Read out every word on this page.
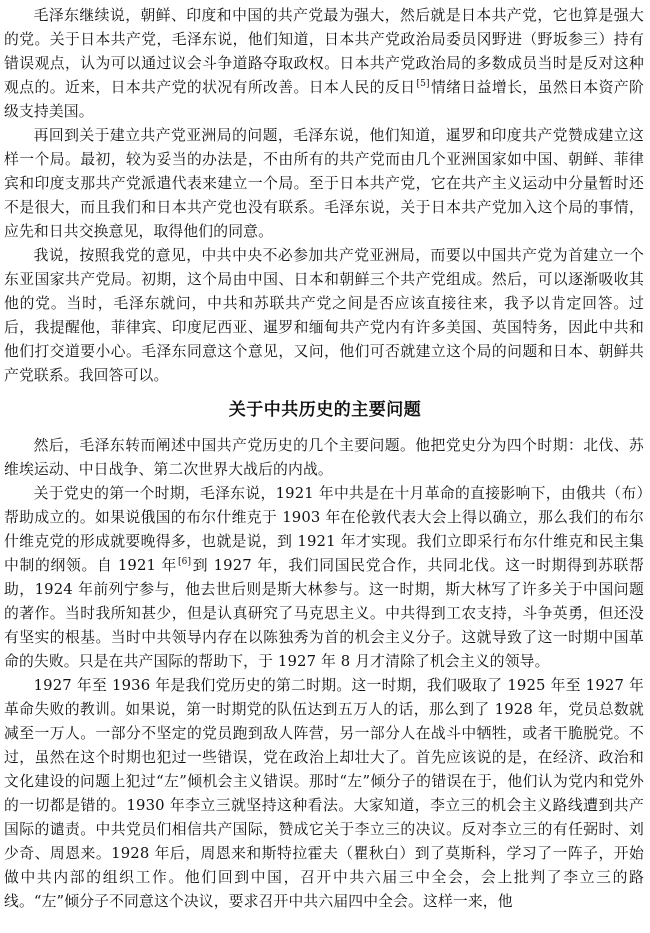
毛泽东继续说，朝鲜、印度和中国的共产党最为强大，然后就是日本共产党，它也算是强大的党。关于日本共产党，毛泽东说，他们知道，日本共产党政治局委员冈野进（野坂参三）持有错误观点，认为可以通过议会斗争道路夺取政权。日本共产党政治局的多数成员当时是反对这种观点的。近来，日本共产党的状况有所改善。日本人民的反日[5]情绪日益增长，虽然日本资产阶级支持美国。

再回到关于建立共产党亚洲局的问题，毛泽东说，他们知道，暹罗和印度共产党赞成建立这样一个局。最初，较为妥当的办法是，不由所有的共产党而由几个亚洲国家如中国、朝鲜、菲律宾和印度支那共产党派遣代表来建立一个局。至于日本共产党，它在共产主义运动中分量暂时还不是很大，而且我们和日本共产党也没有联系。毛泽东说，关于日本共产党加入这个局的事情，应先和日共交换意见，取得他们的同意。

我说，按照我党的意见，中共中央不必参加共产党亚洲局，而要以中国共产党为首建立一个东亚国家共产党局。初期，这个局由中国、日本和朝鲜三个共产党组成。然后，可以逐渐吸收其他的党。当时，毛泽东就问，中共和苏联共产党之间是否应该直接往来，我予以肯定回答。过后，我提醒他，菲律宾、印度尼西亚、暹罗和缅甸共产党内有许多美国、英国特务，因此中共和他们打交道要小心。毛泽东同意这个意见，又问，他们可否就建立这个局的问题和日本、朝鲜共产党联系。我回答可以。

关于中共历史的主要问题

然后，毛泽东转而阐述中国共产党历史的几个主要问题。他把党史分为四个时期：北伐、苏维埃运动、中日战争、第二次世界大战后的内战。

关于党史的第一个时期，毛泽东说，1921 年中共是在十月革命的直接影响下，由俄共（布）帮助成立的。如果说俄国的布尔什维克于 1903 年在伦敦代表大会上得以确立，那么我们的布尔什维克党的形成就要晚得多，也就是说，到 1921 年才实现。我们立即采行布尔什维克和民主集中制的纲领。自 1921 年[6]到 1927 年，我们同国民党合作，共同北伐。这一时期得到苏联帮助，1924 年前列宁参与，他去世后则是斯大林参与。这一时期，斯大林写了许多关于中国问题的著作。当时我所知甚少，但是认真研究了马克思主义。中共得到工农支持，斗争英勇，但还没有坚实的根基。当时中共领导内存在以陈独秀为首的机会主义分子。这就导致了这一时期中国革命的失败。只是在共产国际的帮助下，于 1927 年 8 月才清除了机会主义的领导。

1927 年至 1936 年是我们党历史的第二时期。这一时期，我们吸取了 1925 年至 1927 年革命失败的教训。如果说，第一时期党的队伍达到五万人的话，那么到了 1928 年，党员总数就减至一万人。一部分不坚定的党员跑到敌人阵营，另一部分人在战斗中牺牲，或者干脆脱党。不过，虽然在这个时期也犯过一些错误，党在政治上却壮大了。首先应该说的是，在经济、政治和文化建设的问题上犯过“左”倾机会主义错误。那时“左”倾分子的错误在于，他们认为党内和党外的一切都是错的。1930 年李立三就坚持这种看法。大家知道，李立三的机会主义路线遭到共产国际的谴责。中共党员们相信共产国际，赞成它关于李立三的决议。反对李立三的有任弼时、刘少奇、周恩来。1928 年后，周恩来和斯特拉霍夫（瞿秋白）到了莫斯科，学习了一阵子，开始做中共内部的组织工作。他们回到中国，召开中共六届三中全会，会上批判了李立三的路线。“左”倾分子不同意这个决议，要求召开中共六届四中全会。这样一来，他
